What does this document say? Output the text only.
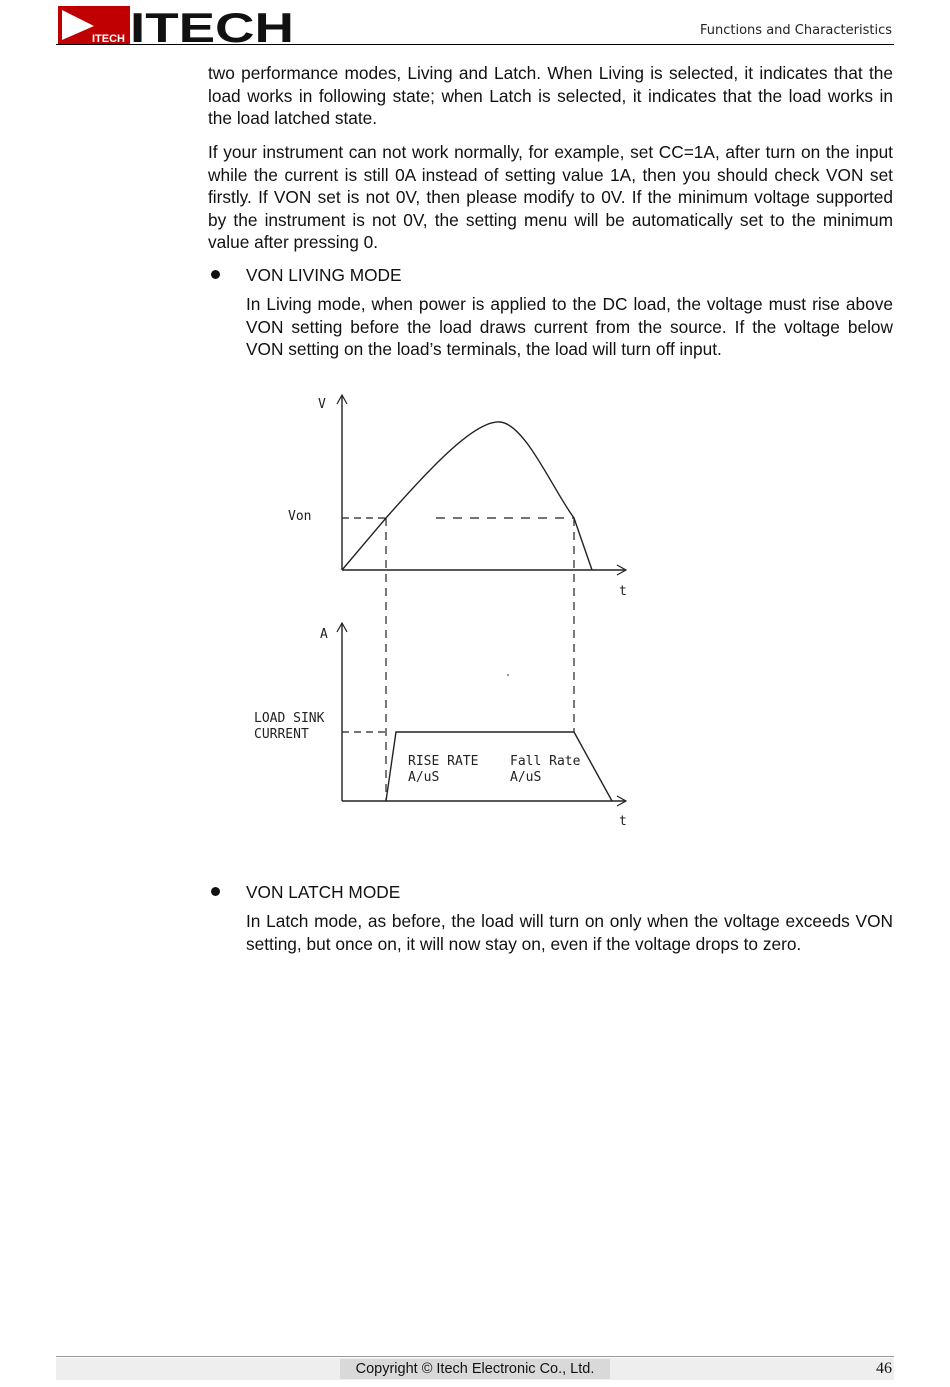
ITECH ITECH	Functions and Characteristics

two performance modes, Living and Latch. When Living is selected, it indicates that the load works in following state; when Latch is selected, it indicates that the load works in the load latched state.

If your instrument can not work normally, for example, set CC=1A, after turn on the input while the current is still 0A instead of setting value 1A, then you should check VON set firstly. If VON set is not 0V, then please modify to 0V. If the minimum voltage supported by the instrument is not 0V, the setting menu will be automatically set to the minimum value after pressing 0.

VON LIVING MODE

In Living mode, when power is applied to the DC load, the voltage must rise above VON setting before the load draws current from the source. If the voltage below VON setting on the load’s terminals, the load will turn off input.

V
t
Von
A
t
LOAD SINK
CURRENT
RISE RATE
A/uS
Fall Rate
A/uS
VON LATCH MODE

In Latch mode, as before, the load will turn on only when the voltage exceeds VON setting, but once on, it will now stay on, even if the voltage drops to zero.

Copyright © Itech Electronic Co., Ltd.	46
